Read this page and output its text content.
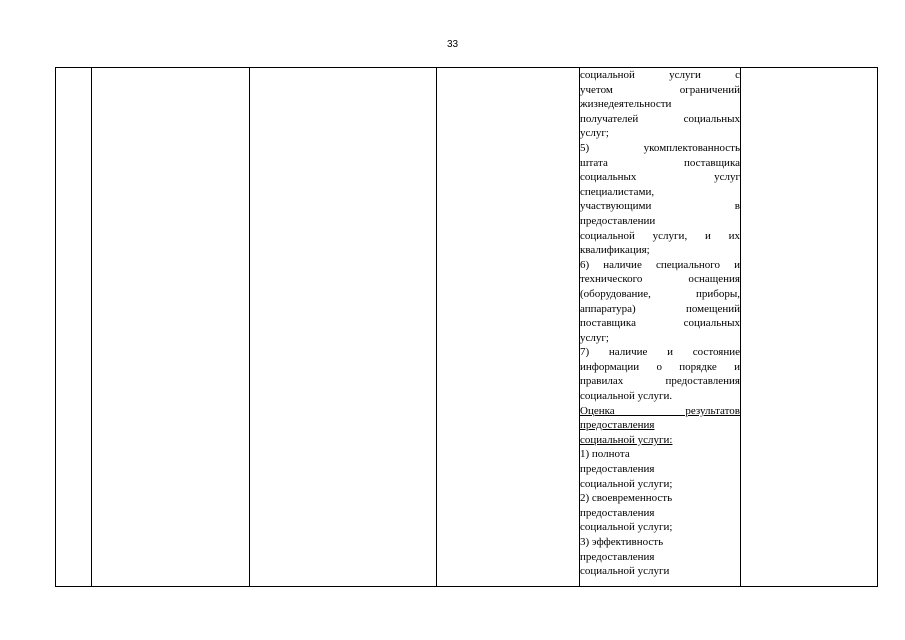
33

социальной услуги с
учетом ограничений
жизнедеятельности
получателей социальных
услуг;
5) укомплектованность
штата поставщика
социальных услуг
специалистами,
участвующими в
предоставлении
социальной услуги, и их
квалификация;
6) наличие специального и
технического оснащения
(оборудование, приборы,
аппаратура) помещений
поставщика социальных
услуг;
7) наличие и состояние
информации о порядке и
правилах предоставления
социальной услуги.
Оценка результатов
предоставления
социальной услуги:
1) полнота
предоставления
социальной услуги;
2) своевременность
предоставления
социальной услуги;
3) эффективность
предоставления
социальной услуги
